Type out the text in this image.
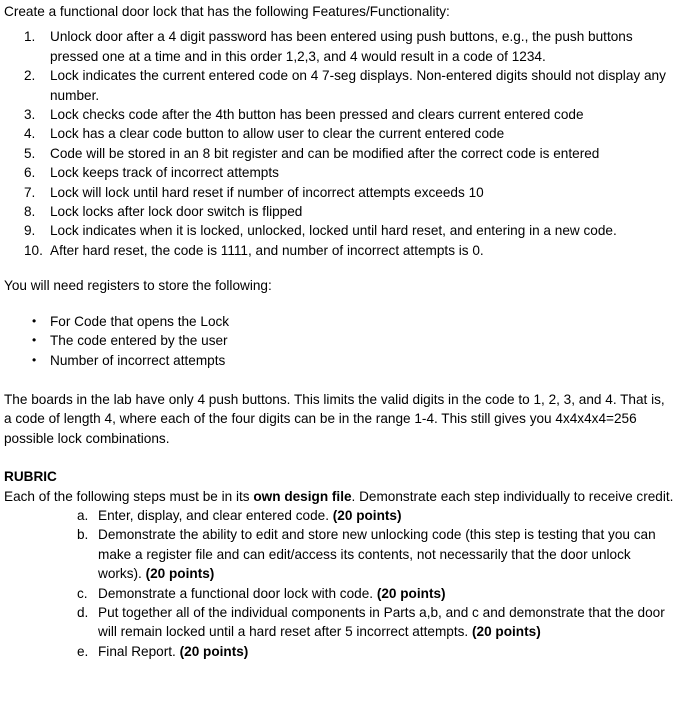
Create a functional door lock that has the following Features/Functionality:

1. Unlock door after a 4 digit password has been entered using push buttons, e.g., the push buttons pressed one at a time and in this order 1,2,3, and 4 would result in a code of 1234.
2. Lock indicates the current entered code on 4 7-seg displays. Non-entered digits should not display any number.
3. Lock checks code after the 4th button has been pressed and clears current entered code
4. Lock has a clear code button to allow user to clear the current entered code
5. Code will be stored in an 8 bit register and can be modified after the correct code is entered
6. Lock keeps track of incorrect attempts
7. Lock will lock until hard reset if number of incorrect attempts exceeds 10
8. Lock locks after lock door switch is flipped
9. Lock indicates when it is locked, unlocked, locked until hard reset, and entering in a new code.
10. After hard reset, the code is 1111, and number of incorrect attempts is 0.

You will need registers to store the following:

• For Code that opens the Lock
• The code entered by the user
• Number of incorrect attempts

The boards in the lab have only 4 push buttons. This limits the valid digits in the code to 1, 2, 3, and 4. That is, a code of length 4, where each of the four digits can be in the range 1-4. This still gives you 4x4x4x4=256 possible lock combinations.

RUBRIC

Each of the following steps must be in its own design file. Demonstrate each step individually to receive credit.

a. Enter, display, and clear entered code. (20 points)
b. Demonstrate the ability to edit and store new unlocking code (this step is testing that you can make a register file and can edit/access its contents, not necessarily that the door unlock works). (20 points)
c. Demonstrate a functional door lock with code. (20 points)
d. Put together all of the individual components in Parts a,b, and c and demonstrate that the door will remain locked until a hard reset after 5 incorrect attempts. (20 points)
e. Final Report. (20 points)
